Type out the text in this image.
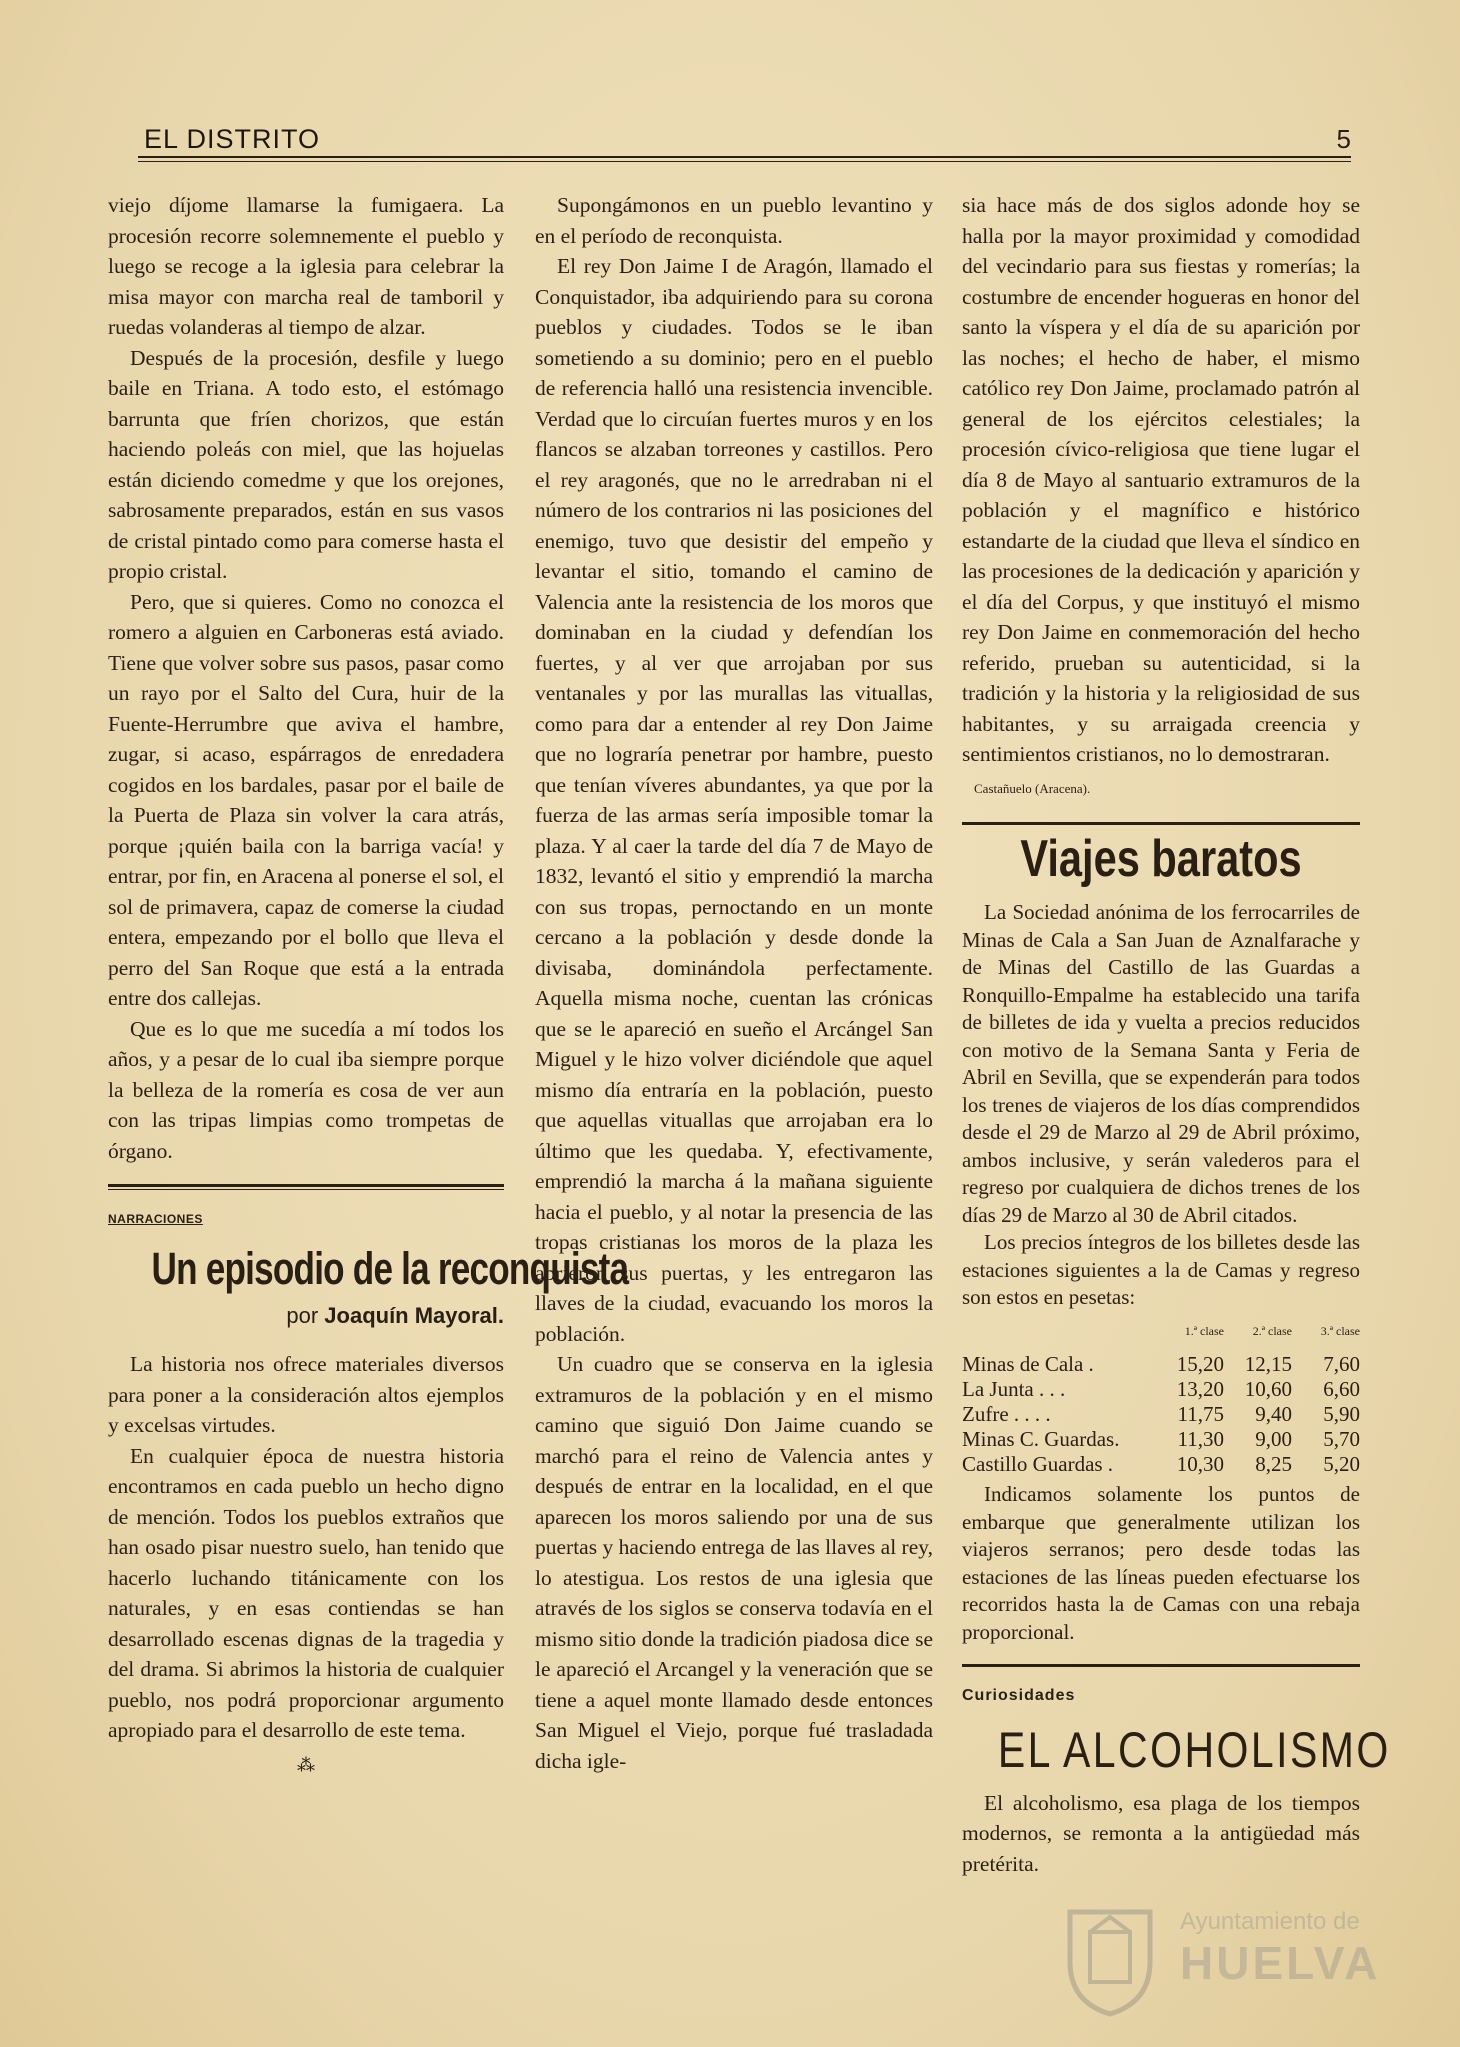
EL DISTRITO	5

viejo díjome llamarse la fumigaera. La procesión recorre solemnemente el pueblo y luego se recoge a la iglesia para celebrar la misa mayor con marcha real de tamboril y ruedas volanderas al tiempo de alzar.

Después de la procesión, desfile y luego baile en Triana. A todo esto, el estómago barrunta que fríen chorizos, que están haciendo poleás con miel, que las hojuelas están diciendo comedme y que los orejones, sabrosamente preparados, están en sus vasos de cristal pintado como para comerse hasta el propio cristal.

Pero, que si quieres. Como no conozca el romero a alguien en Carboneras está aviado. Tiene que volver sobre sus pasos, pasar como un rayo por el Salto del Cura, huir de la Fuente-Herrumbre que aviva el hambre, zugar, si acaso, espárragos de enredadera cogidos en los bardales, pasar por el baile de la Puerta de Plaza sin volver la cara atrás, porque ¡quién baila con la barriga vacía! y entrar, por fin, en Aracena al ponerse el sol, el sol de primavera, capaz de comerse la ciudad entera, empezando por el bollo que lleva el perro del San Roque que está a la entrada entre dos callejas.

Que es lo que me sucedía a mí todos los años, y a pesar de lo cual iba siempre porque la belleza de la romería es cosa de ver aun con las tripas limpias como trompetas de órgano.

NARRACIONES
Un episodio de la reconquista
por Joaquín Mayoral.

La historia nos ofrece materiales diversos para poner a la consideración altos ejemplos y excelsas virtudes.

En cualquier época de nuestra historia encontramos en cada pueblo un hecho digno de mención. Todos los pueblos extraños que han osado pisar nuestro suelo, han tenido que hacerlo luchando titánicamente con los naturales, y en esas contiendas se han desarrollado escenas dignas de la tragedia y del drama. Si abrimos la historia de cualquier pueblo, nos podrá proporcionar argumento apropiado para el desarrollo de este tema.

⁂

Supongámonos en un pueblo levantino y en el período de reconquista.

El rey Don Jaime I de Aragón, llamado el Conquistador, iba adquiriendo para su corona pueblos y ciudades. Todos se le iban sometiendo a su dominio; pero en el pueblo de referencia halló una resistencia invencible. Verdad que lo circuían fuertes muros y en los flancos se alzaban torreones y castillos. Pero el rey aragonés, que no le arredraban ni el número de los contrarios ni las posiciones del enemigo, tuvo que desistir del empeño y levantar el sitio, tomando el camino de Valencia ante la resistencia de los moros que dominaban en la ciudad y defendían los fuertes, y al ver que arrojaban por sus ventanales y por las murallas las vituallas, como para dar a entender al rey Don Jaime que no lograría penetrar por hambre, puesto que tenían víveres abundantes, ya que por la fuerza de las armas sería imposible tomar la plaza. Y al caer la tarde del día 7 de Mayo de 1832, levantó el sitio y emprendió la marcha con sus tropas, pernoctando en un monte cercano a la población y desde donde la divisaba, dominándola perfectamente. Aquella misma noche, cuentan las crónicas que se le apareció en sueño el Arcángel San Miguel y le hizo volver diciéndole que aquel mismo día entraría en la población, puesto que aquellas vituallas que arrojaban era lo último que les quedaba. Y, efectivamente, emprendió la marcha á la mañana siguiente hacia el pueblo, y al notar la presencia de las tropas cristianas los moros de la plaza les abrieron sus puertas, y les entregaron las llaves de la ciudad, evacuando los moros la población.

Un cuadro que se conserva en la iglesia extramuros de la población y en el mismo camino que siguió Don Jaime cuando se marchó para el reino de Valencia antes y después de entrar en la localidad, en el que aparecen los moros saliendo por una de sus puertas y haciendo entrega de las llaves al rey, lo atestigua. Los restos de una iglesia que através de los siglos se conserva todavía en el mismo sitio donde la tradición piadosa dice se le apareció el Arcangel y la veneración que se tiene a aquel monte llamado desde entonces San Miguel el Viejo, porque fué trasladada dicha igle-

sia hace más de dos siglos adonde hoy se halla por la mayor proximidad y comodidad del vecindario para sus fiestas y romerías; la costumbre de encender hogueras en honor del santo la víspera y el día de su aparición por las noches; el hecho de haber, el mismo católico rey Don Jaime, proclamado patrón al general de los ejércitos celestiales; la procesión cívico-religiosa que tiene lugar el día 8 de Mayo al santuario extramuros de la población y el magnífico e histórico estandarte de la ciudad que lleva el síndico en las procesiones de la dedicación y aparición y el día del Corpus, y que instituyó el mismo rey Don Jaime en conmemoración del hecho referido, prueban su autenticidad, si la tradición y la historia y la religiosidad de sus habitantes, y su arraigada creencia y sentimientos cristianos, no lo demostraran.

Castañuelo (Aracena).
Viajes baratos

La Sociedad anónima de los ferrocarriles de Minas de Cala a San Juan de Aznalfarache y de Minas del Castillo de las Guardas a Ronquillo-Empalme ha establecido una tarifa de billetes de ida y vuelta a precios reducidos con motivo de la Semana Santa y Feria de Abril en Sevilla, que se expenderán para todos los trenes de viajeros de los días comprendidos desde el 29 de Marzo al 29 de Abril próximo, ambos inclusive, y serán valederos para el regreso por cualquiera de dichos trenes de los días 29 de Marzo al 30 de Abril citados.

Los precios íntegros de los billetes desde las estaciones siguientes a la de Camas y regreso son estos en pesetas:

	1.ª clase	2.ª clase	3.ª clase
Minas de Cala .	15,20	12,15	7,60
La Junta . . .	13,20	10,60	6,60
Zufre . . . .	11,75	9,40	5,90
Minas C. Guardas.	11,30	9,00	5,70
Castillo Guardas .	10,30	8,25	5,20

Indicamos solamente los puntos de embarque que generalmente utilizan los viajeros serranos; pero desde todas las estaciones de las líneas pueden efectuarse los recorridos hasta la de Camas con una rebaja proporcional.

Curiosidades
EL ALCOHOLISMO

El alcoholismo, esa plaga de los tiempos modernos, se remonta a la antigüedad más pretérita.

Ayuntamiento de
HUELVA
